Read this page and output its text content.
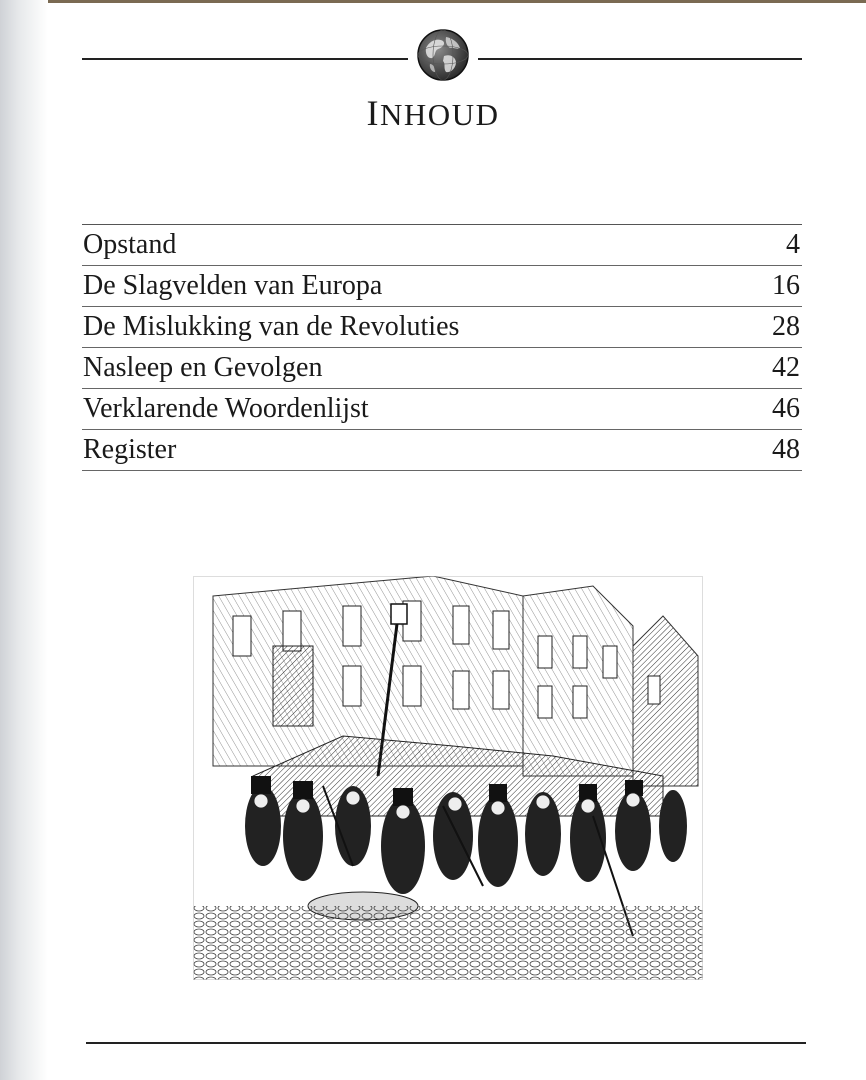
INHOUD
Opstand	4
De Slagvelden van Europa	16
De Mislukking van de Revoluties	28
Nasleep en Gevolgen	42
Verklarende Woordenlijst	46
Register	48
